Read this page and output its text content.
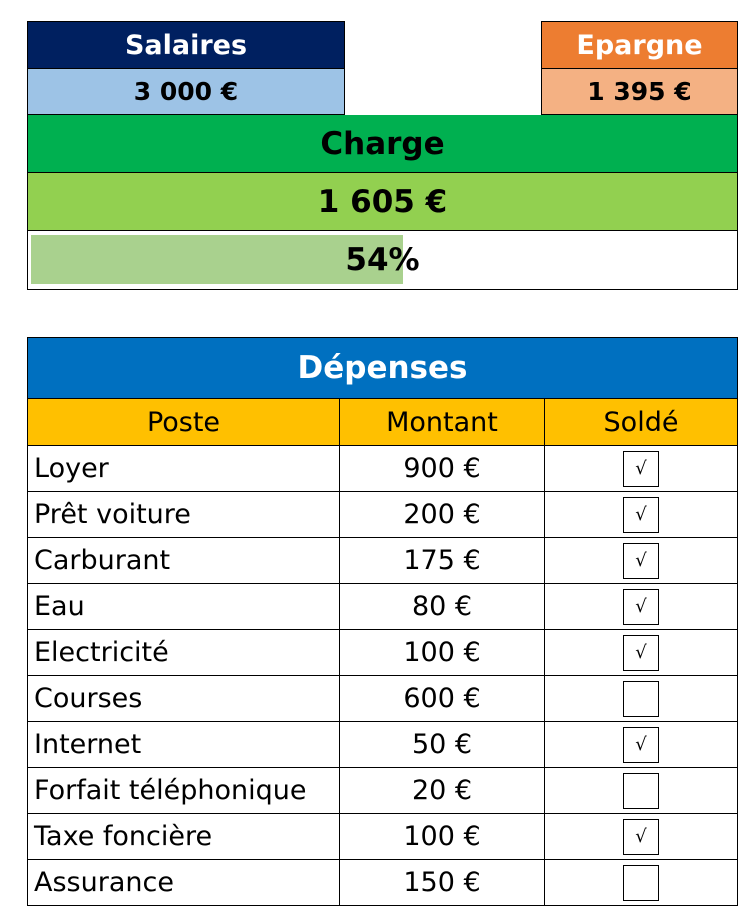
Salaires
3 000 €
Epargne
1 395 €
Charge
1 605 €
54%
Dépenses		
Poste	Montant	Soldé
Loyer	900 €	√
Prêt voiture	200 €	√
Carburant	175 €	√
Eau	80 €	√
Electricité	100 €	√
Courses	600 €	
Internet	50 €	√
Forfait téléphonique	20 €	
Taxe foncière	100 €	√
Assurance	150 €	
